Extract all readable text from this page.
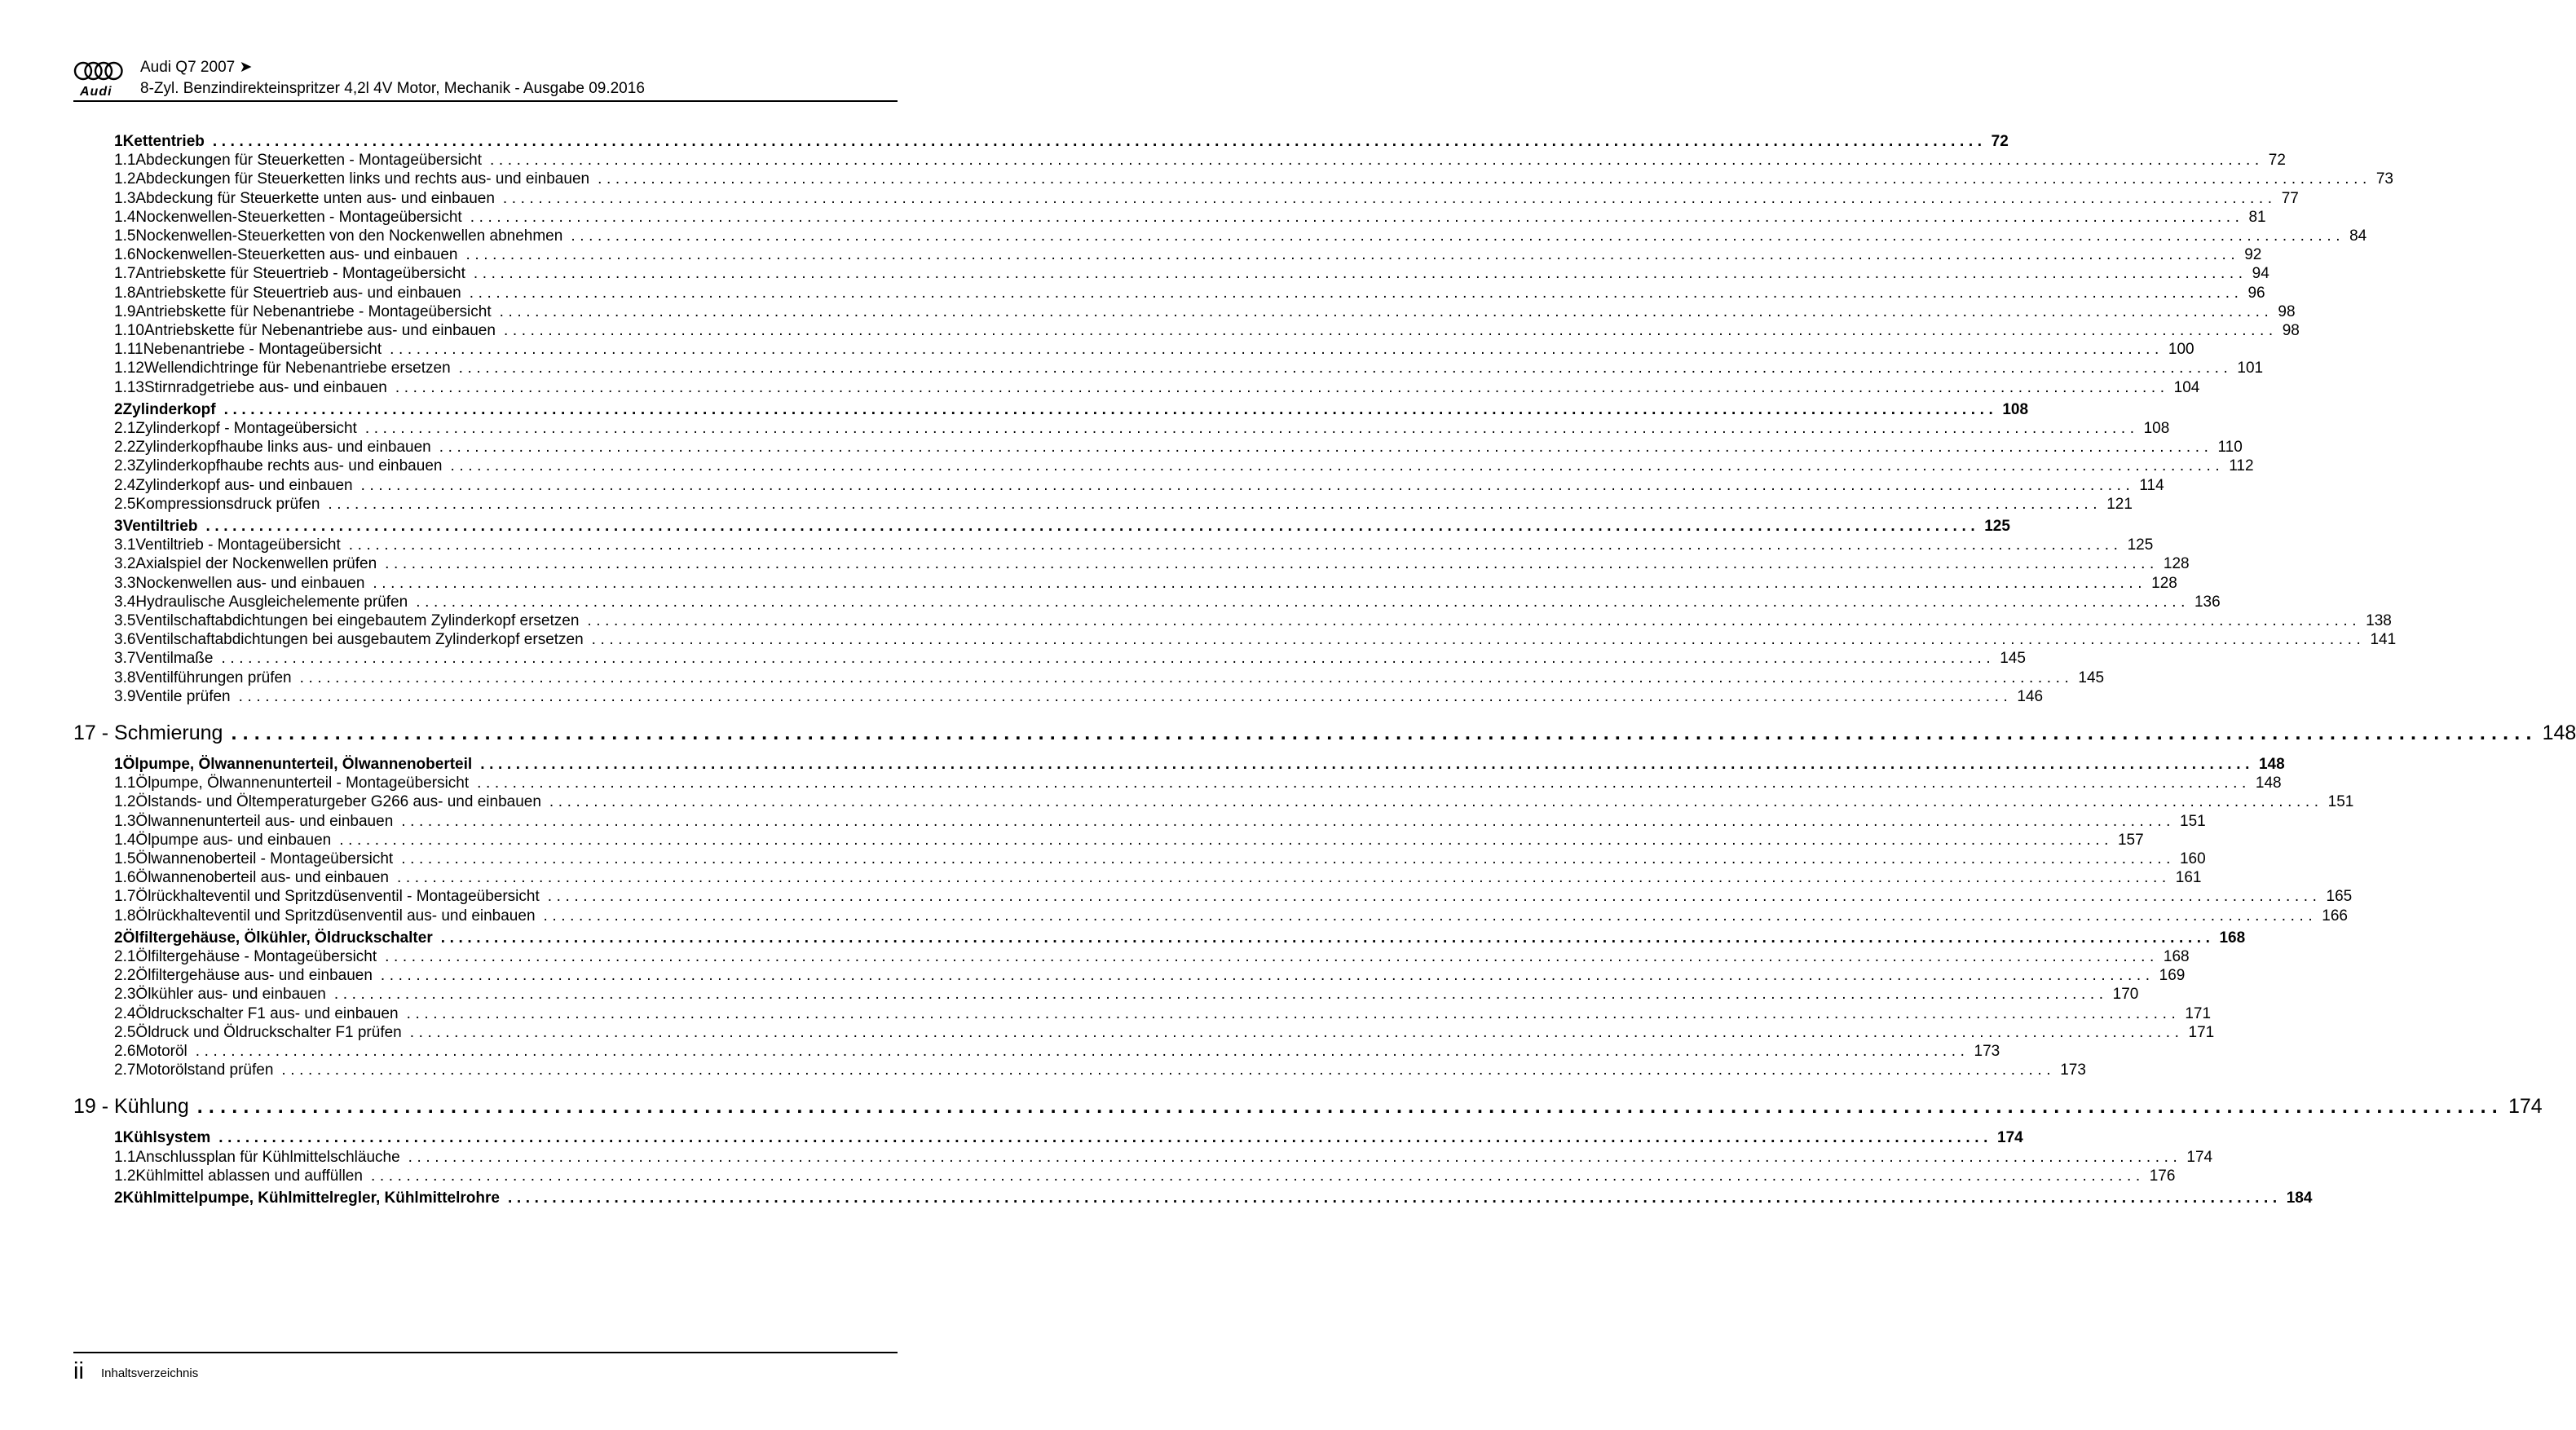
Audi
Audi Q7 2007 ➤
8-Zyl. Benzindirekteinspritzer 4,2l 4V Motor, Mechanik - Ausgabe 09.2016
1 Kettentrieb ........................................................................................................................................................................................................ 72
1.1 Abdeckungen für Steuerketten - Montageübersicht ........................................................................................................................................................................................................ 72
1.2 Abdeckungen für Steuerketten links und rechts aus- und einbauen ........................................................................................................................................................................................................ 73
1.3 Abdeckung für Steuerkette unten aus- und einbauen ........................................................................................................................................................................................................ 77
1.4 Nockenwellen-Steuerketten - Montageübersicht ........................................................................................................................................................................................................ 81
1.5 Nockenwellen-Steuerketten von den Nockenwellen abnehmen ........................................................................................................................................................................................................ 84
1.6 Nockenwellen-Steuerketten aus- und einbauen ........................................................................................................................................................................................................ 92
1.7 Antriebskette für Steuertrieb - Montageübersicht ........................................................................................................................................................................................................ 94
1.8 Antriebskette für Steuertrieb aus- und einbauen ........................................................................................................................................................................................................ 96
1.9 Antriebskette für Nebenantriebe - Montageübersicht ........................................................................................................................................................................................................ 98
1.10 Antriebskette für Nebenantriebe aus- und einbauen ........................................................................................................................................................................................................ 98
1.11 Nebenantriebe - Montageübersicht ........................................................................................................................................................................................................ 100
1.12 Wellendichtringe für Nebenantriebe ersetzen ........................................................................................................................................................................................................ 101
1.13 Stirnradgetriebe aus- und einbauen ........................................................................................................................................................................................................ 104
2 Zylinderkopf ........................................................................................................................................................................................................ 108
2.1 Zylinderkopf - Montageübersicht ........................................................................................................................................................................................................ 108
2.2 Zylinderkopfhaube links aus- und einbauen ........................................................................................................................................................................................................ 110
2.3 Zylinderkopfhaube rechts aus- und einbauen ........................................................................................................................................................................................................ 112
2.4 Zylinderkopf aus- und einbauen ........................................................................................................................................................................................................ 114
2.5 Kompressionsdruck prüfen ........................................................................................................................................................................................................ 121
3 Ventiltrieb ........................................................................................................................................................................................................ 125
3.1 Ventiltrieb - Montageübersicht ........................................................................................................................................................................................................ 125
3.2 Axialspiel der Nockenwellen prüfen ........................................................................................................................................................................................................ 128
3.3 Nockenwellen aus- und einbauen ........................................................................................................................................................................................................ 128
3.4 Hydraulische Ausgleichelemente prüfen ........................................................................................................................................................................................................ 136
3.5 Ventilschaftabdichtungen bei eingebautem Zylinderkopf ersetzen ........................................................................................................................................................................................................ 138
3.6 Ventilschaftabdichtungen bei ausgebautem Zylinderkopf ersetzen ........................................................................................................................................................................................................ 141
3.7 Ventilmaße ........................................................................................................................................................................................................ 145
3.8 Ventilführungen prüfen ........................................................................................................................................................................................................ 145
3.9 Ventile prüfen ........................................................................................................................................................................................................ 146
17 - Schmierung ........................................................................................................................................................................................................ 148
1 Ölpumpe, Ölwannenunterteil, Ölwannenoberteil ........................................................................................................................................................................................................ 148
1.1 Ölpumpe, Ölwannenunterteil - Montageübersicht ........................................................................................................................................................................................................ 148
1.2 Ölstands- und Öltemperaturgeber G266 aus- und einbauen ........................................................................................................................................................................................................ 151
1.3 Ölwannenunterteil aus- und einbauen ........................................................................................................................................................................................................ 151
1.4 Ölpumpe aus- und einbauen ........................................................................................................................................................................................................ 157
1.5 Ölwannenoberteil - Montageübersicht ........................................................................................................................................................................................................ 160
1.6 Ölwannenoberteil aus- und einbauen ........................................................................................................................................................................................................ 161
1.7 Ölrückhalteventil und Spritzdüsenventil - Montageübersicht ........................................................................................................................................................................................................ 165
1.8 Ölrückhalteventil und Spritzdüsenventil aus- und einbauen ........................................................................................................................................................................................................ 166
2 Ölfiltergehäuse, Ölkühler, Öldruckschalter ........................................................................................................................................................................................................ 168
2.1 Ölfiltergehäuse - Montageübersicht ........................................................................................................................................................................................................ 168
2.2 Ölfiltergehäuse aus- und einbauen ........................................................................................................................................................................................................ 169
2.3 Ölkühler aus- und einbauen ........................................................................................................................................................................................................ 170
2.4 Öldruckschalter F1 aus- und einbauen ........................................................................................................................................................................................................ 171
2.5 Öldruck und Öldruckschalter F1 prüfen ........................................................................................................................................................................................................ 171
2.6 Motoröl ........................................................................................................................................................................................................ 173
2.7 Motorölstand prüfen ........................................................................................................................................................................................................ 173
19 - Kühlung ........................................................................................................................................................................................................ 174
1 Kühlsystem ........................................................................................................................................................................................................ 174
1.1 Anschlussplan für Kühlmittelschläuche ........................................................................................................................................................................................................ 174
1.2 Kühlmittel ablassen und auffüllen ........................................................................................................................................................................................................ 176
2 Kühlmittelpumpe, Kühlmittelregler, Kühlmittelrohre ........................................................................................................................................................................................................ 184
ii Inhaltsverzeichnis
